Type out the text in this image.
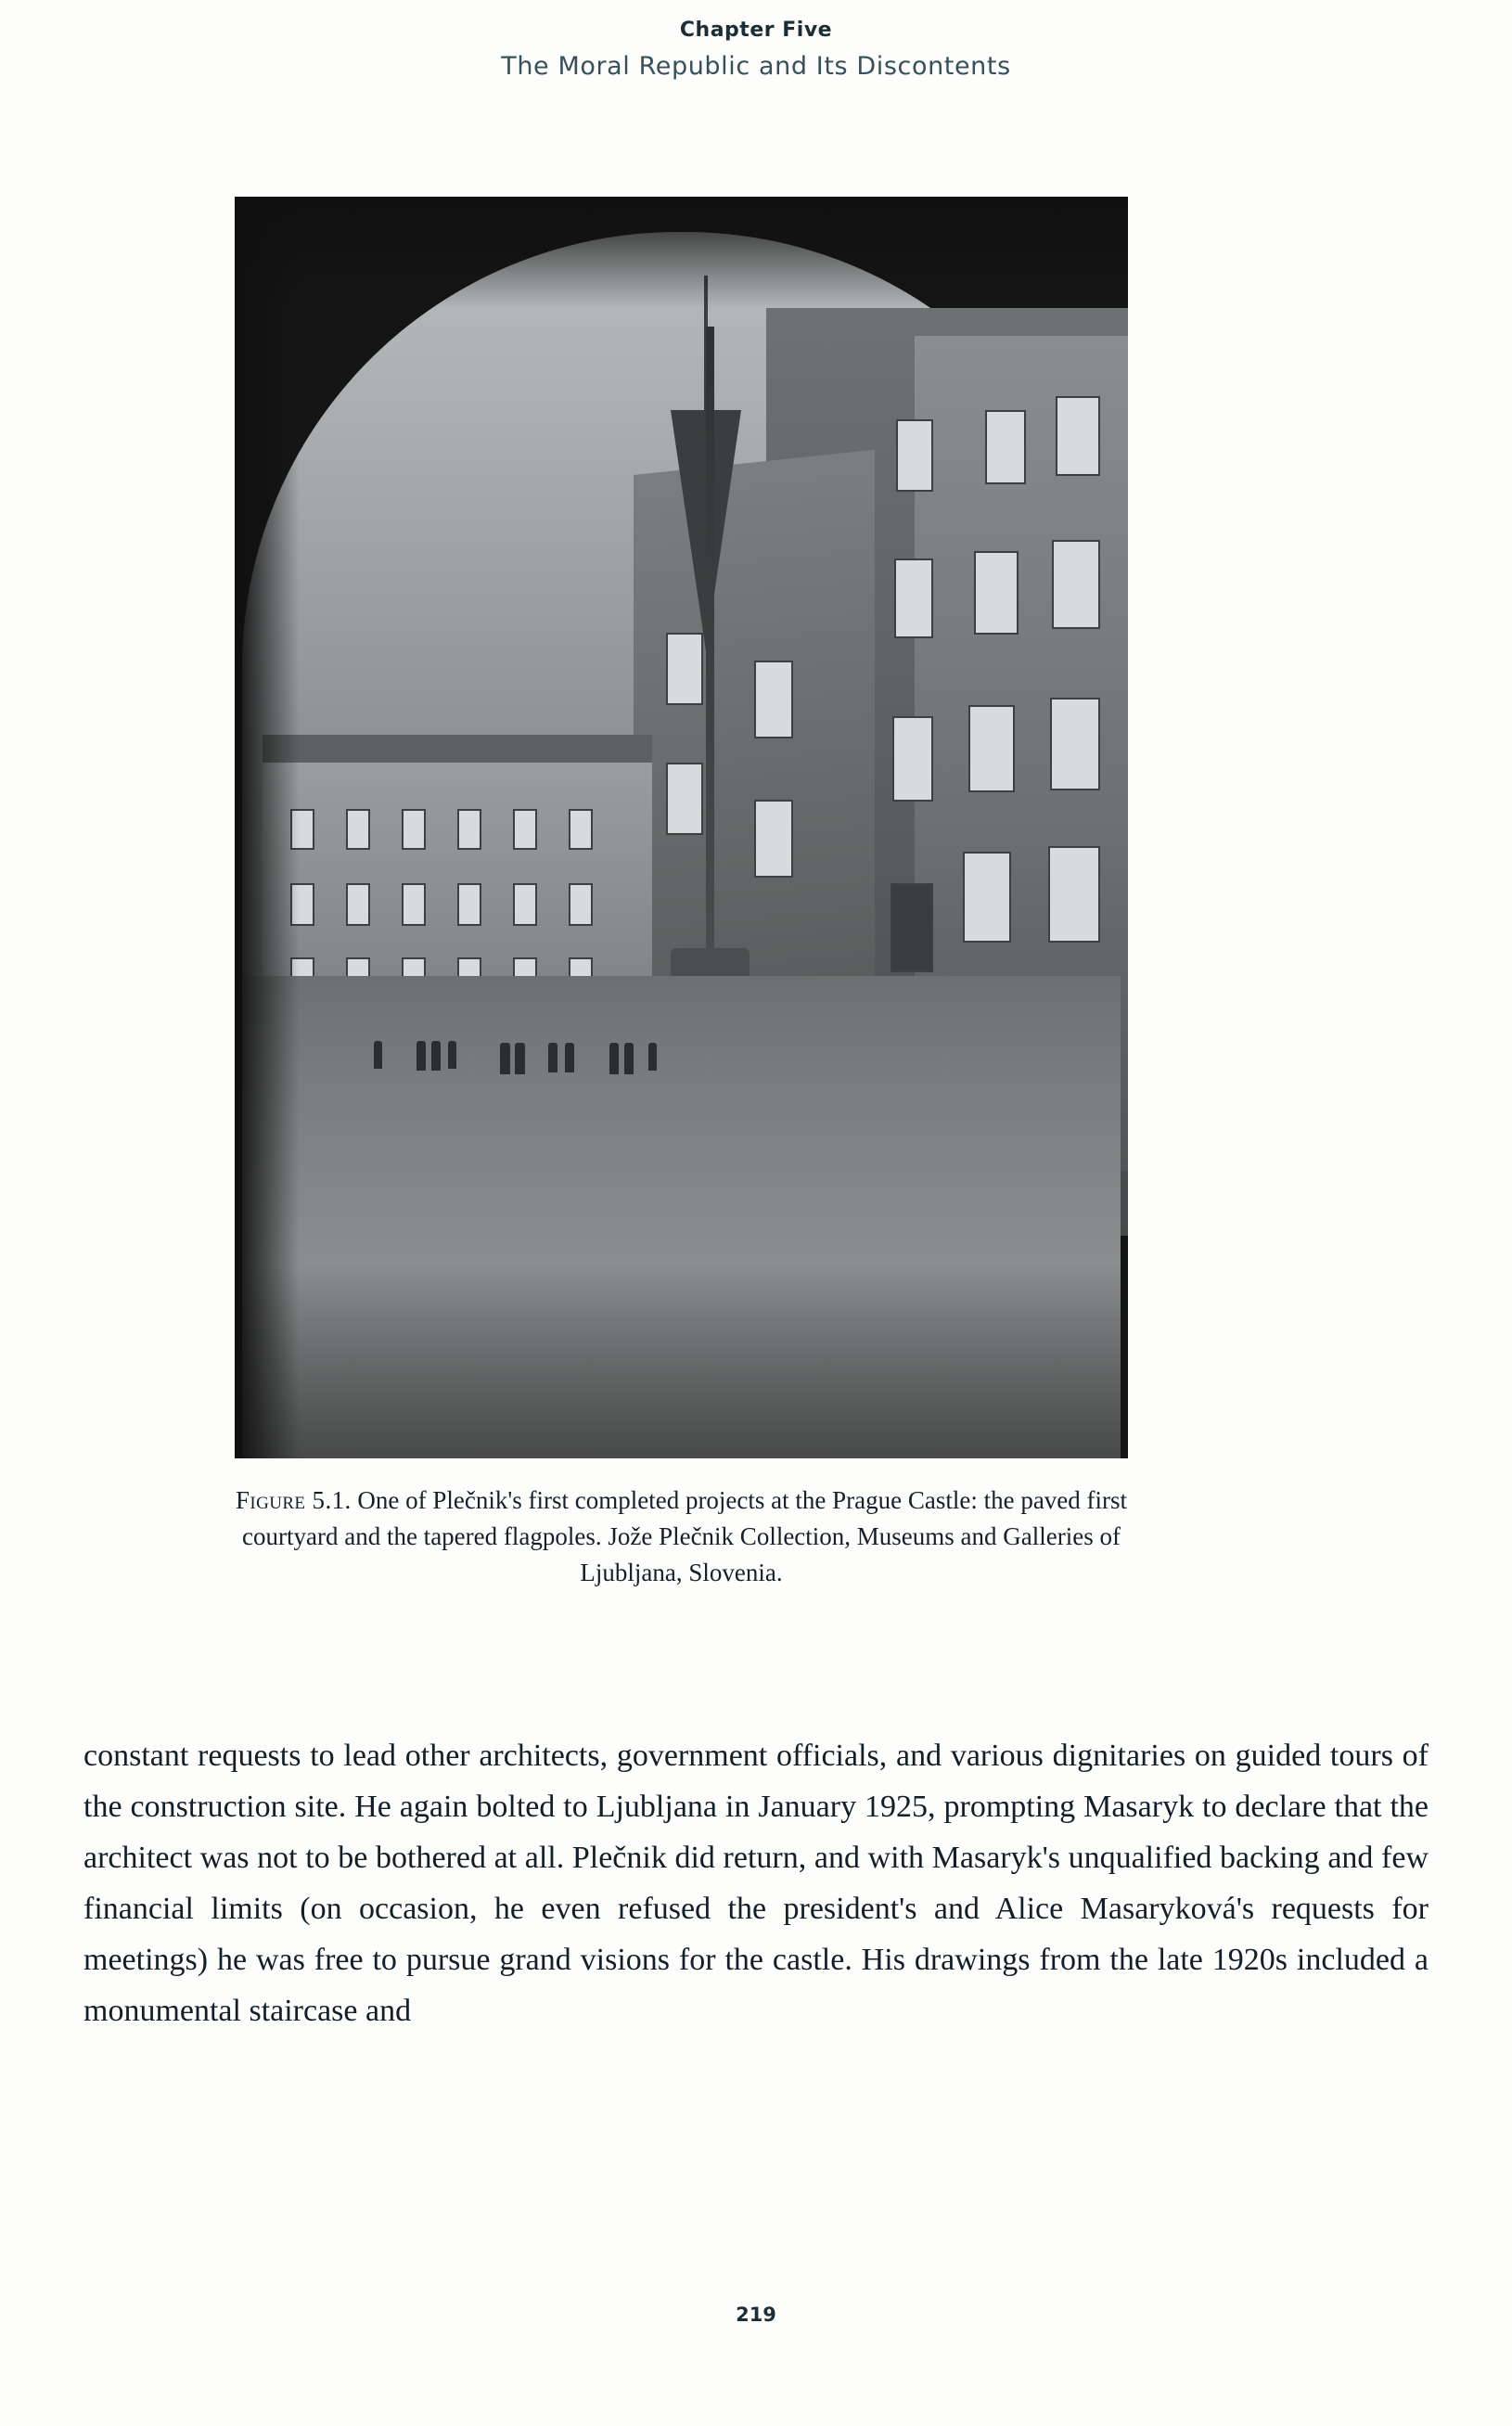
Chapter Five
The Moral Republic and Its Discontents
Figure 5.1. One of Plečnik's first completed projects at the Prague Castle: the paved first courtyard and the tapered flagpoles. Jože Plečnik Collection, Museums and Galleries of Ljubljana, Slovenia.

constant requests to lead other architects, government officials, and various dignitaries on guided tours of the construction site. He again bolted to Ljubljana in January 1925, prompting Masaryk to declare that the architect was not to be bothered at all. Plečnik did return, and with Masaryk's unqualified backing and few financial limits (on occasion, he even refused the president's and Alice Masaryková's requests for meetings) he was free to pursue grand visions for the castle. His drawings from the late 1920s included a monumental staircase and

219
